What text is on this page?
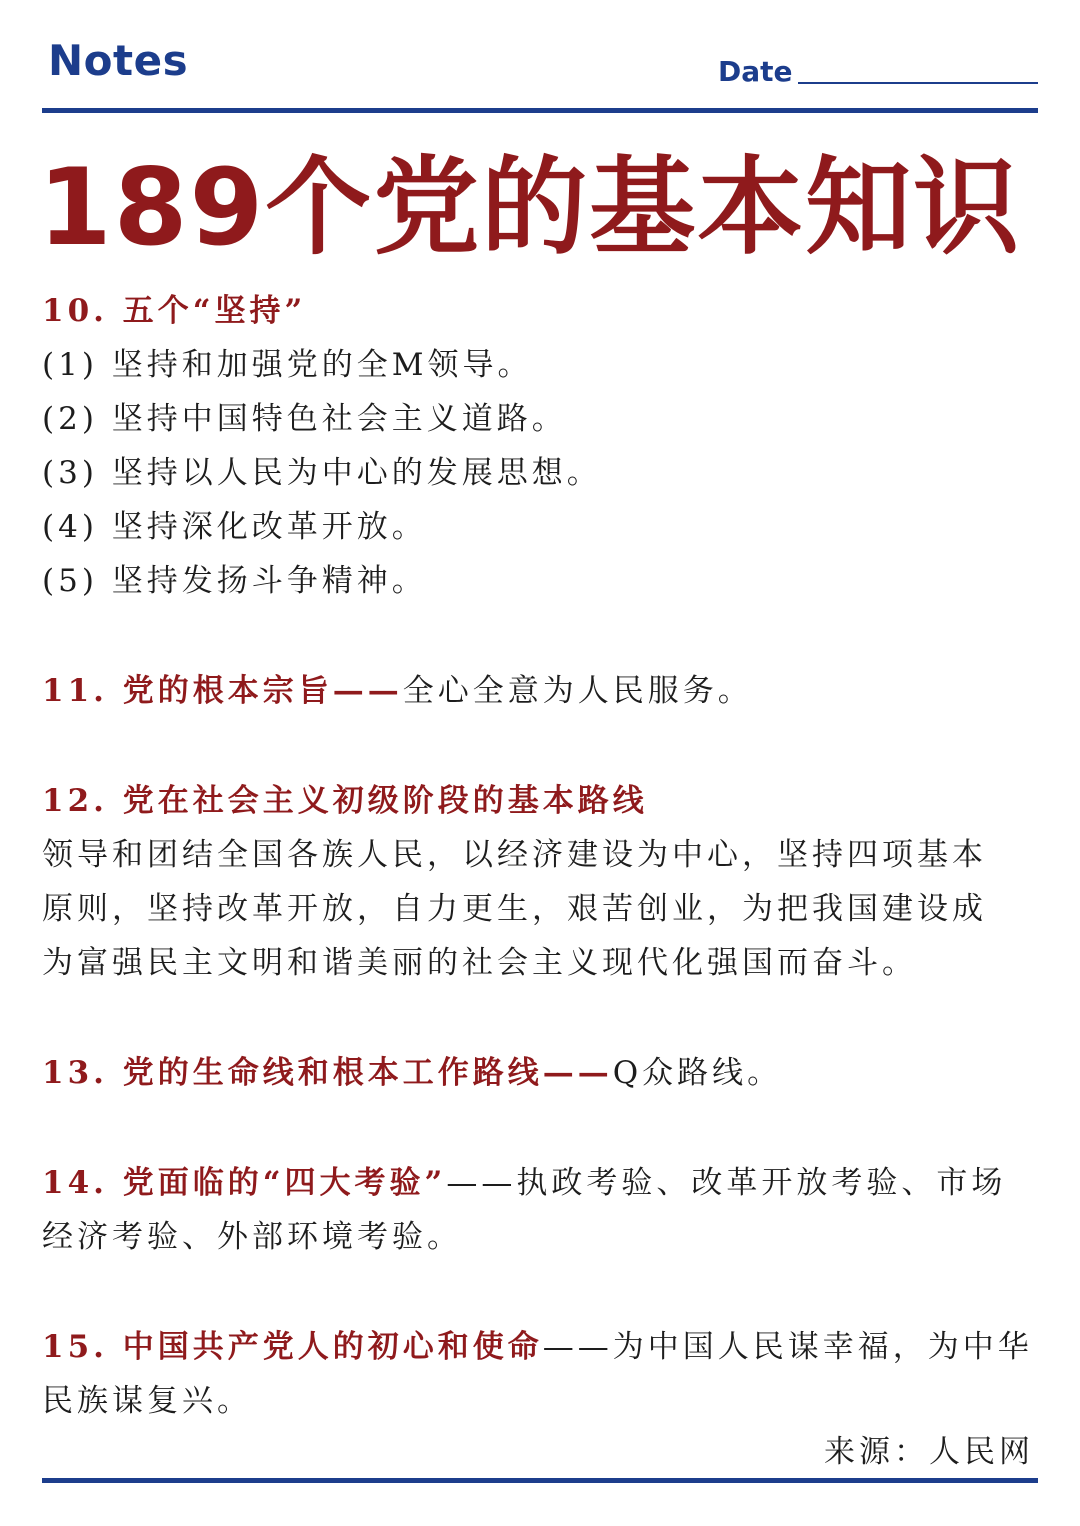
Notes	Date
189个党的基本知识
10. 五个“坚持”
(1) 坚持和加强党的全M领导。
(2) 坚持中国特色社会主义道路。
(3) 坚持以人民为中心的发展思想。
(4) 坚持深化改革开放。
(5) 坚持发扬斗争精神。
11. 党的根本宗旨——全心全意为人民服务。
12. 党在社会主义初级阶段的基本路线
领导和团结全国各族人民，以经济建设为中心，坚持四项基本
原则，坚持改革开放，自力更生，艰苦创业，为把我国建设成
为富强民主文明和谐美丽的社会主义现代化强国而奋斗。
13. 党的生命线和根本工作路线——Q众路线。
14. 党面临的“四大考验”——执政考验、改革开放考验、市场
经济考验、外部环境考验。
15. 中国共产党人的初心和使命——为中国人民谋幸福，为中华
民族谋复兴。
来源：人民网
